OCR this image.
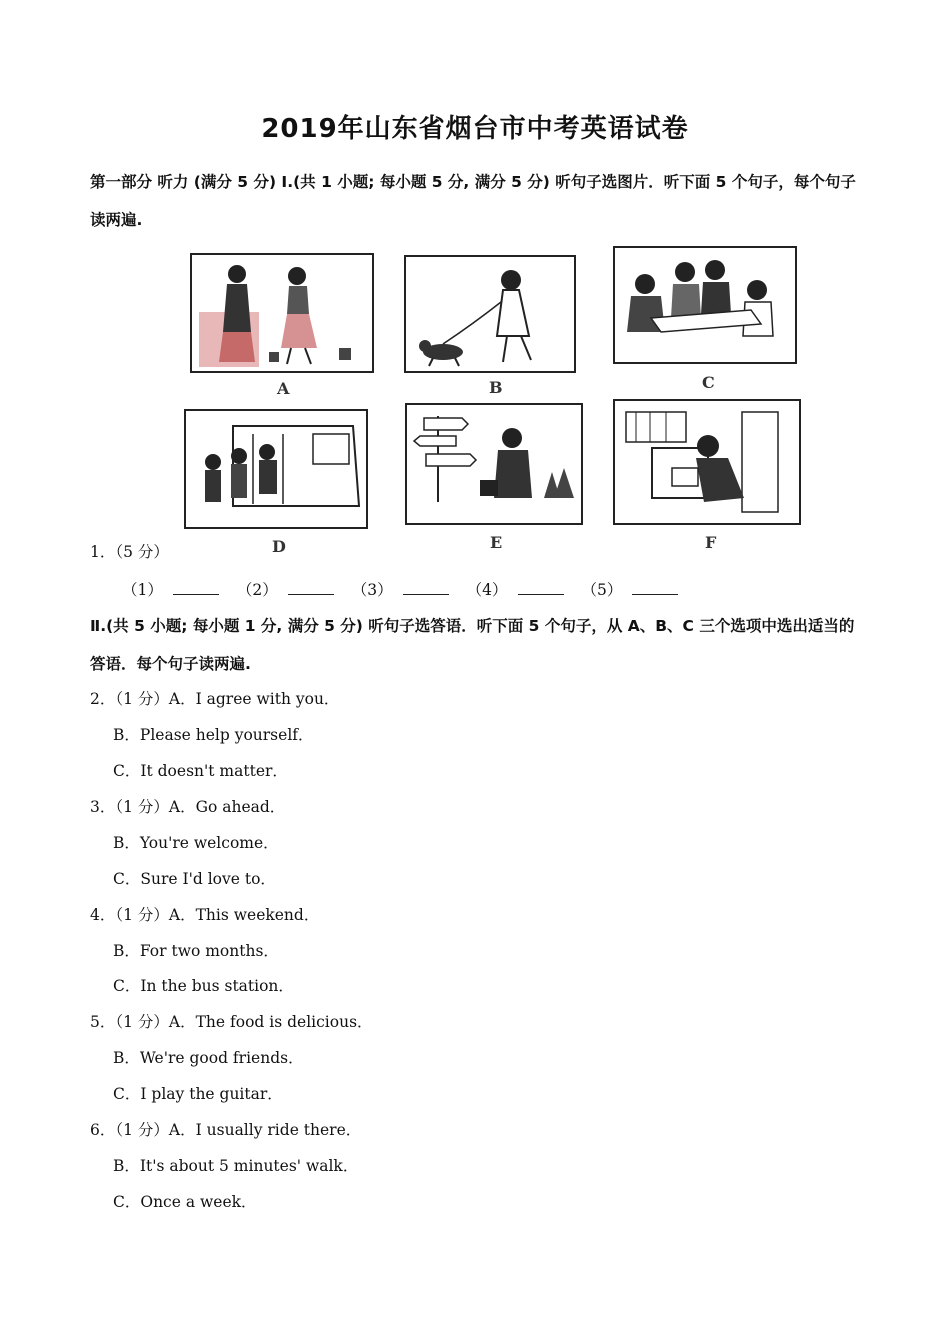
2019年山东省烟台市中考英语试卷
第一部分 听力 (满分 5 分) Ⅰ.(共 1 小题; 每小题 5 分, 满分 5 分) 听句子选图片．听下面 5 个句子，每个句子
读两遍.
A	B	C
D	E	F
1．（5 分）
（1）	（2）	（3）	（4）	（5）
Ⅱ.(共 5 小题; 每小题 1 分, 满分 5 分) 听句子选答语．听下面 5 个句子，从 A、B、C 三个选项中选出适当的
答语．每个句子读两遍.
2．（1 分）A．I agree with you．
B．Please help yourself．
C．It doesn't matter．
3．（1 分）A．Go ahead．
B．You're welcome．
C．Sure I'd love to．
4．（1 分）A．This weekend．
B．For two months．
C．In the bus station．
5．（1 分）A．The food is delicious．
B．We're good friends．
C．I play the guitar．
6．（1 分）A．I usually ride there．
B．It's about 5 minutes' walk．
C．Once a week．
